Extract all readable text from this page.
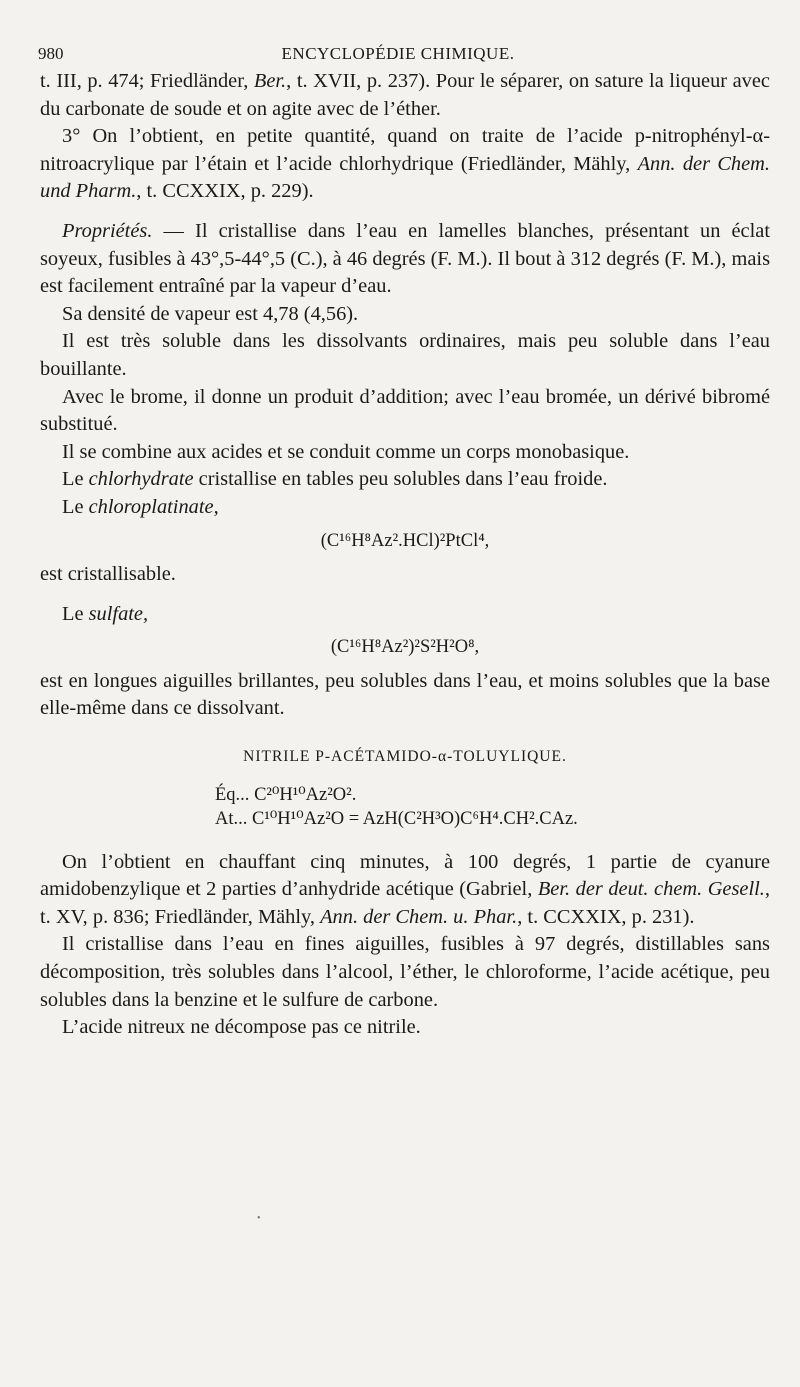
980	ENCYCLOPÉDIE CHIMIQUE.

t. III, p. 474; Friedländer, Ber., t. XVII, p. 237). Pour le séparer, on sature la liqueur avec du carbonate de soude et on agite avec de l’éther.

3° On l’obtient, en petite quantité, quand on traite de l’acide p-nitrophényl-α-nitroacrylique par l’étain et l’acide chlorhydrique (Friedländer, Mähly, Ann. der Chem. und Pharm., t. CCXXIX, p. 229).

Propriétés. — Il cristallise dans l’eau en lamelles blanches, présentant un éclat soyeux, fusibles à 43°,5-44°,5 (C.), à 46 degrés (F. M.). Il bout à 312 degrés (F. M.), mais est facilement entraîné par la vapeur d’eau.

Sa densité de vapeur est 4,78 (4,56).

Il est très soluble dans les dissolvants ordinaires, mais peu soluble dans l’eau bouillante.

Avec le brome, il donne un produit d’addition; avec l’eau bromée, un dérivé bibromé substitué.

Il se combine aux acides et se conduit comme un corps monobasique.

Le chlorhydrate cristallise en tables peu solubles dans l’eau froide.

Le chloroplatinate,

(C¹⁶H⁸Az².HCl)²PtCl⁴,

est cristallisable.

Le sulfate,

(C¹⁶H⁸Az²)²S²H²O⁸,

est en longues aiguilles brillantes, peu solubles dans l’eau, et moins solubles que la base elle-même dans ce dissolvant.

NITRILE P-ACÉTAMIDO-α-TOLUYLIQUE.
Éq... C²⁰H¹⁰Az²O².
At... C¹⁰H¹⁰Az²O = AzH(C²H³O)C⁶H⁴.CH².CAz.

On l’obtient en chauffant cinq minutes, à 100 degrés, 1 partie de cyanure amidobenzylique et 2 parties d’anhydride acétique (Gabriel, Ber. der deut. chem. Gesell., t. XV, p. 836; Friedländer, Mähly, Ann. der Chem. u. Phar., t. CCXXIX, p. 231).

Il cristallise dans l’eau en fines aiguilles, fusibles à 97 degrés, distillables sans décomposition, très solubles dans l’alcool, l’éther, le chloroforme, l’acide acétique, peu solubles dans la benzine et le sulfure de carbone.

L’acide nitreux ne décompose pas ce nitrile.

•
